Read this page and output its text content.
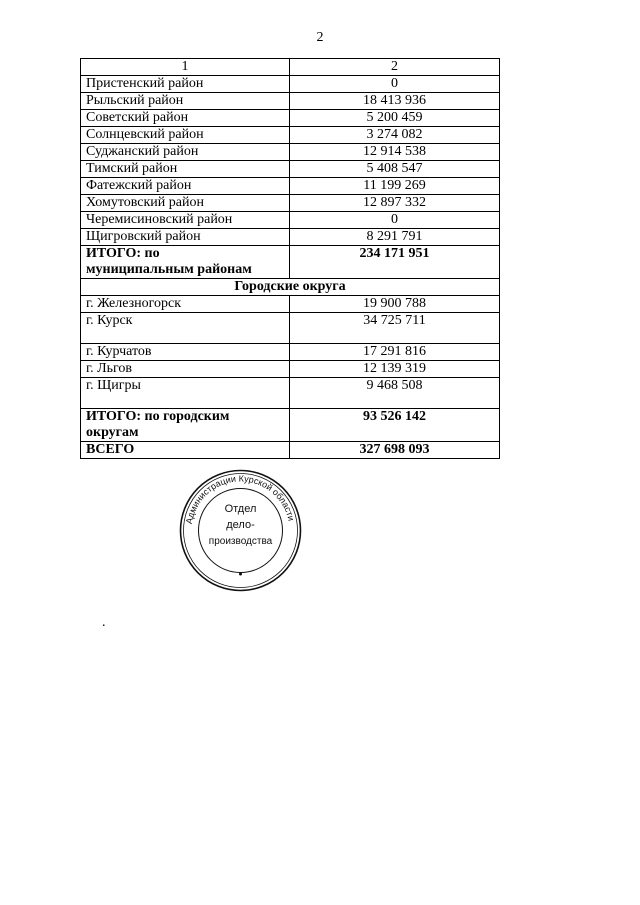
2
1	2
Пристенский район	0
Рыльский район	18 413 936
Советский район	5 200 459
Солнцевский район	3 274 082
Суджанский район	12 914 538
Тимский район	5 408 547
Фатежский район	11 199 269
Хомутовский район	12 897 332
Черемисиновский район	0
Щигровский район	8 291 791

ИТОГО: по
муниципальным районам	234 171 951
Городские округа	
г. Железногорск	19 900 788
г. Курск	34 725 711
г. Курчатов	17 291 816
г. Льгов	12 139 319
г. Щигры	9 468 508

ИТОГО: по городским
округам	93 526 142
ВСЕГО	327 698 093
Администрации Курской области
Отдел
дело-
производства
.
